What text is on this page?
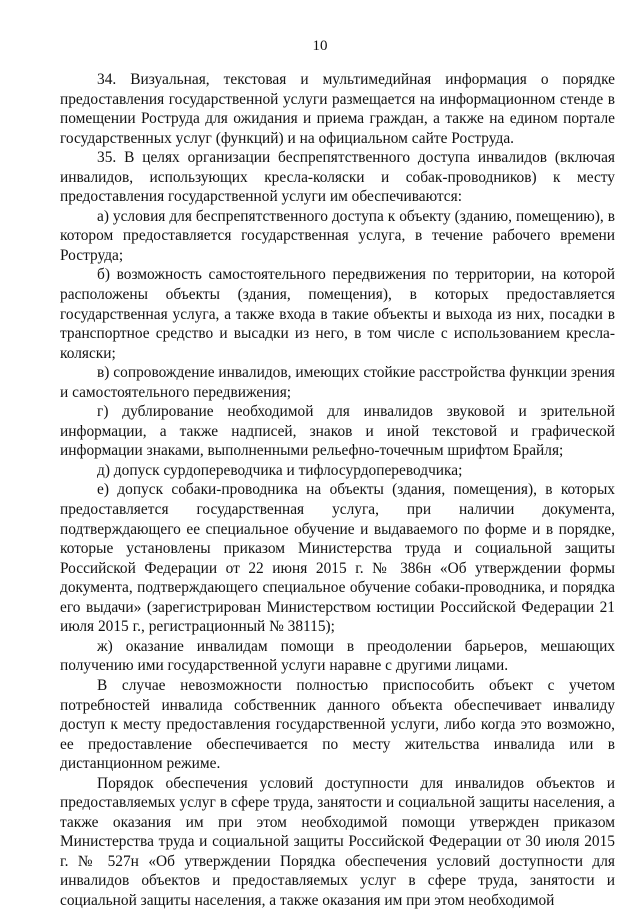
10

34. Визуальная, текстовая и мультимедийная информация о порядке предоставления государственной услуги размещается на информационном стенде в помещении Роструда для ожидания и приема граждан, а также на едином портале государственных услуг (функций) и на официальном сайте Роструда.

35. В целях организации беспрепятственного доступа инвалидов (включая инвалидов, использующих кресла-коляски и собак-проводников) к месту предоставления государственной услуги им обеспечиваются:

а) условия для беспрепятственного доступа к объекту (зданию, помещению), в котором предоставляется государственная услуга, в течение рабочего времени Роструда;

б) возможность самостоятельного передвижения по территории, на которой расположены объекты (здания, помещения), в которых предоставляется государственная услуга, а также входа в такие объекты и выхода из них, посадки в транспортное средство и высадки из него, в том числе с использованием кресла-коляски;

в) сопровождение инвалидов, имеющих стойкие расстройства функции зрения и самостоятельного передвижения;

г) дублирование необходимой для инвалидов звуковой и зрительной информации, а также надписей, знаков и иной текстовой и графической информации знаками, выполненными рельефно-точечным шрифтом Брайля;

д) допуск сурдопереводчика и тифлосурдопереводчика;

е) допуск собаки-проводника на объекты (здания, помещения), в которых предоставляется государственная услуга, при наличии документа, подтверждающего ее специальное обучение и выдаваемого по форме и в порядке, которые установлены приказом Министерства труда и социальной защиты Российской Федерации от 22 июня 2015 г. № 386н «Об утверждении формы документа, подтверждающего специальное обучение собаки-проводника, и порядка его выдачи» (зарегистрирован Министерством юстиции Российской Федерации 21 июля 2015 г., регистрационный № 38115);

ж) оказание инвалидам помощи в преодолении барьеров, мешающих получению ими государственной услуги наравне с другими лицами.

В случае невозможности полностью приспособить объект с учетом потребностей инвалида собственник данного объекта обеспечивает инвалиду доступ к месту предоставления государственной услуги, либо когда это возможно, ее предоставление обеспечивается по месту жительства инвалида или в дистанционном режиме.

Порядок обеспечения условий доступности для инвалидов объектов и предоставляемых услуг в сфере труда, занятости и социальной защиты населения, а также оказания им при этом необходимой помощи утвержден приказом Министерства труда и социальной защиты Российской Федерации от 30 июля 2015 г. № 527н «Об утверждении Порядка обеспечения условий доступности для инвалидов объектов и предоставляемых услуг в сфере труда, занятости и социальной защиты населения, а также оказания им при этом необходимой
